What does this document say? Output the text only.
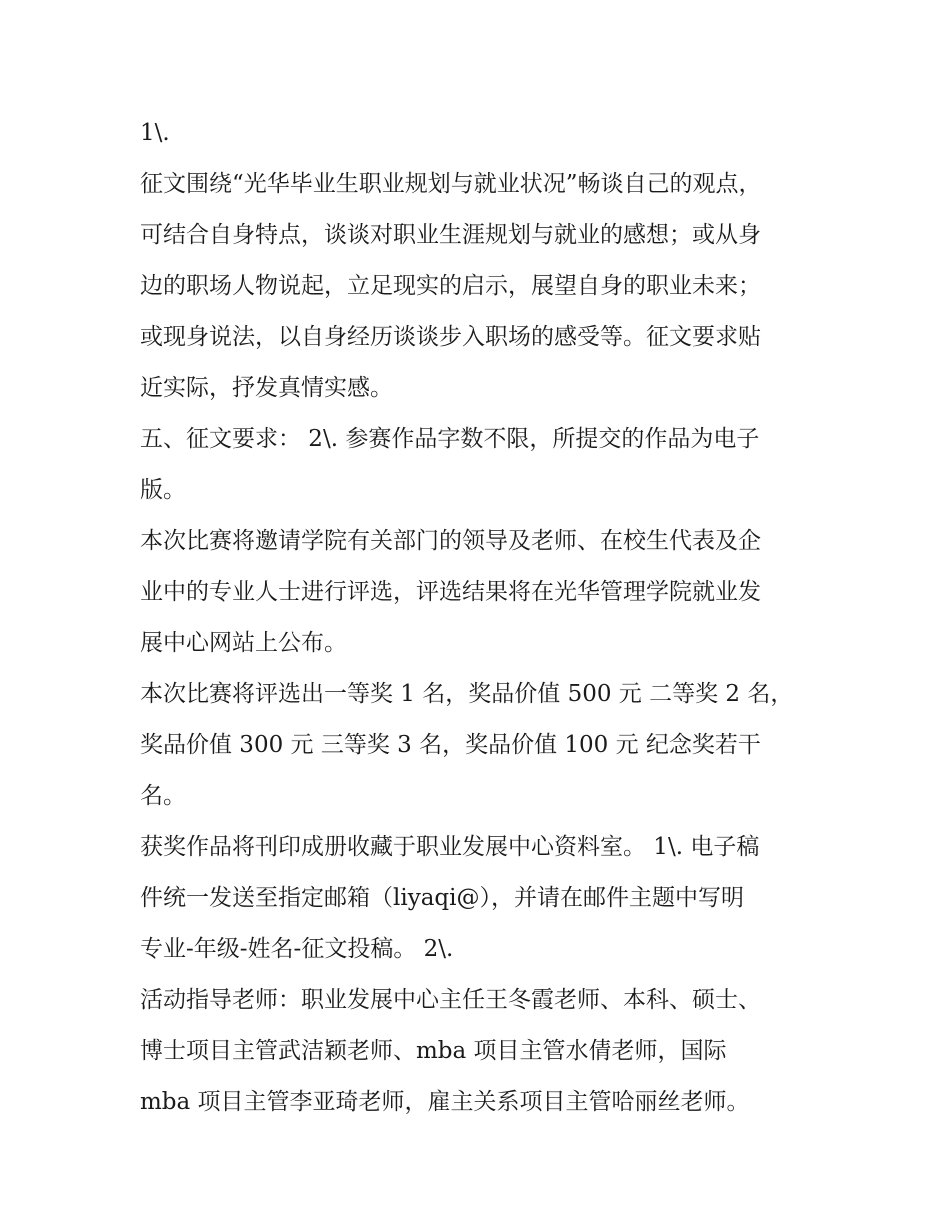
1\.
征文围绕“光华毕业生职业规划与就业状况”畅谈自己的观点，
可结合自身特点，谈谈对职业生涯规划与就业的感想；或从身
边的职场人物说起，立足现实的启示，展望自身的职业未来；
或现身说法，以自身经历谈谈步入职场的感受等。征文要求贴
近实际，抒发真情实感。
五、征文要求： 2\. 参赛作品字数不限，所提交的作品为电子
版。
本次比赛将邀请学院有关部门的领导及老师、在校生代表及企
业中的专业人士进行评选，评选结果将在光华管理学院就业发
展中心网站上公布。
本次比赛将评选出一等奖 1 名，奖品价值 500 元 二等奖 2 名，
奖品价值 300 元 三等奖 3 名，奖品价值 100 元 纪念奖若干
名。
获奖作品将刊印成册收藏于职业发展中心资料室。 1\. 电子稿
件统一发送至指定邮箱（liyaqi@），并请在邮件主题中写明
专业-年级-姓名-征文投稿。 2\.
活动指导老师：职业发展中心主任王冬霞老师、本科、硕士、
博士项目主管武洁颖老师、mba 项目主管水倩老师，国际
mba 项目主管李亚琦老师，雇主关系项目主管哈丽丝老师。
